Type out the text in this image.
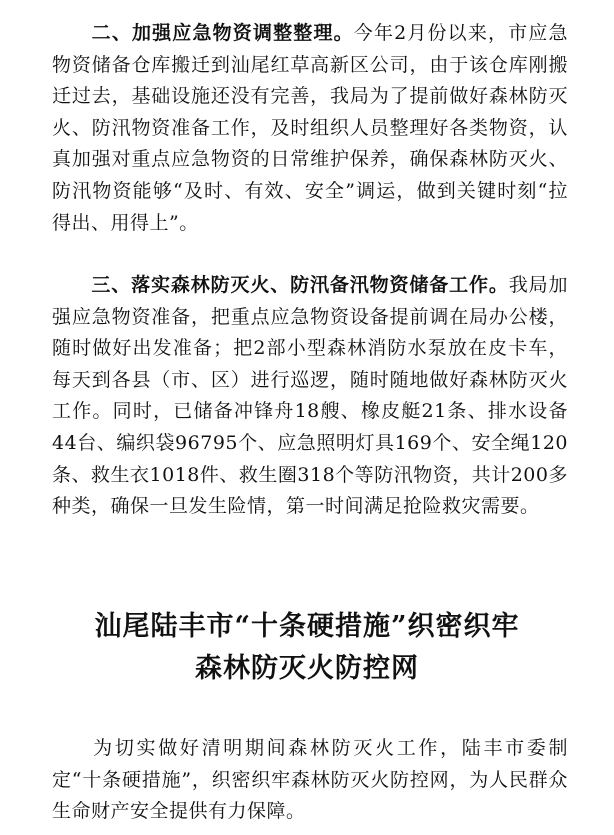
  二、加强应急物资调整整理。今年2月份以来，市应急物资储备仓库搬迁到汕尾红草高新区公司，由于该仓库刚搬迁过去，基础设施还没有完善，我局为了提前做好森林防灭火、防汛物资准备工作，及时组织人员整理好各类物资，认真加强对重点应急物资的日常维护保养，确保森林防灭火、防汛物资能够“及时、有效、安全”调运，做到关键时刻“拉得出、用得上”。

  三、落实森林防灭火、防汛备汛物资储备工作。我局加强应急物资准备，把重点应急物资设备提前调在局办公楼，随时做好出发准备；把2部小型森林消防水泵放在皮卡车，每天到各县（市、区）进行巡逻，随时随地做好森林防灭火工作。同时，已储备冲锋舟18艘、橡皮艇21条、排水设备44台、编织袋96795个、应急照明灯具169个、安全绳120条、救生衣1018件、救生圈318个等防汛物资，共计200多种类，确保一旦发生险情，第一时间满足抢险救灾需要。

汕尾陆丰市“十条硬措施”织密织牢
森林防灭火防控网

  为切实做好清明期间森林防灭火工作，陆丰市委制定“十条硬措施”，织密织牢森林防灭火防控网，为人民群众生命财产安全提供有力保障。
